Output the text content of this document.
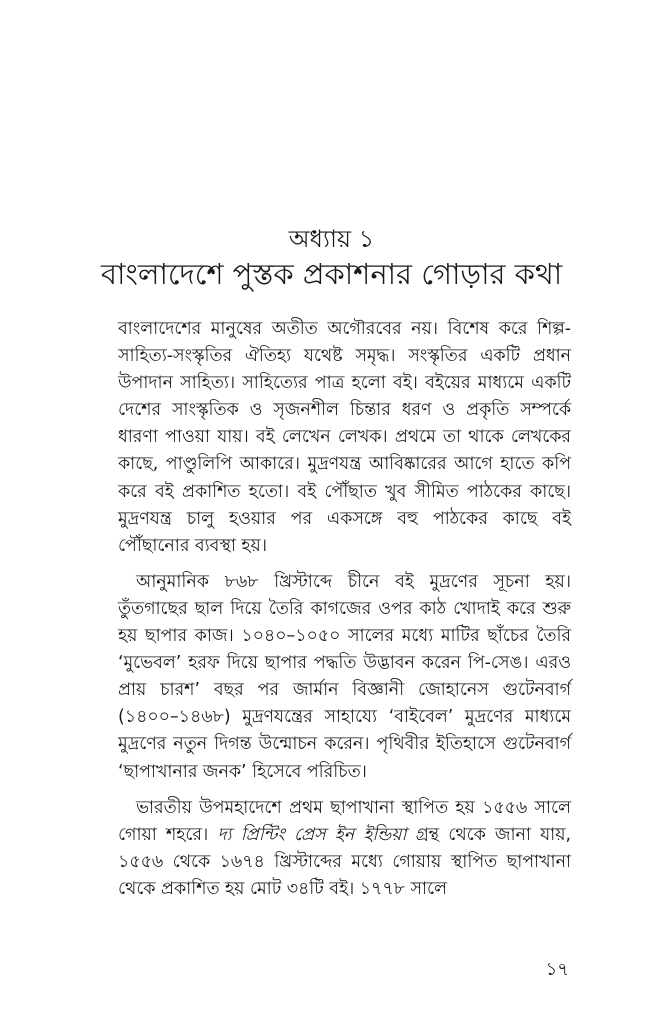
অধ্যায় ১
বাংলাদেশে পুস্তক প্রকাশনার গোড়ার কথা

বাংলাদেশের মানুষের অতীত অগৌরবের নয়। বিশেষ করে শিল্প-সাহিত্য-সংস্কৃতির ঐতিহ্য যথেষ্ট সমৃদ্ধ। সংস্কৃতির একটি প্রধান উপাদান সাহিত্য। সাহিত্যের পাত্র হলো বই। বইয়ের মাধ্যমে একটি দেশের সাংস্কৃতিক ও সৃজনশীল চিন্তার ধরণ ও প্রকৃতি সম্পর্কে ধারণা পাওয়া যায়। বই লেখেন লেখক। প্রথমে তা থাকে লেখকের কাছে, পাণ্ডুলিপি আকারে। মুদ্রণযন্ত্র আবিষ্কারের আগে হাতে কপি করে বই প্রকাশিত হতো। বই পৌঁছাত খুব সীমিত পাঠকের কাছে। মুদ্রণযন্ত্র চালু হওয়ার পর একসঙ্গে বহু পাঠকের কাছে বই পৌঁছানোর ব্যবস্থা হয়।

আনুমানিক ৮৬৮ খ্রিস্টাব্দে চীনে বই মুদ্রণের সূচনা হয়। তুঁতগাছের ছাল দিয়ে তৈরি কাগজের ওপর কাঠ খোদাই করে শুরু হয় ছাপার কাজ। ১০৪০–১০৫০ সালের মধ্যে মাটির ছাঁচের তৈরি ‘মুভেবল’ হরফ দিয়ে ছাপার পদ্ধতি উদ্ভাবন করেন পি-সেঙ। এরও প্রায় চারশ’ বছর পর জার্মান বিজ্ঞানী জোহানেস গুটেনবার্গ (১৪০০–১৪৬৮) মুদ্রণযন্ত্রের সাহায্যে ‘বাইবেল’ মুদ্রণের মাধ্যমে মুদ্রণের নতুন দিগন্ত উন্মোচন করেন। পৃথিবীর ইতিহাসে গুটেনবার্গ ‘ছাপাখানার জনক’ হিসেবে পরিচিত।

ভারতীয় উপমহাদেশে প্রথম ছাপাখানা স্থাপিত হয় ১৫৫৬ সালে গোয়া শহরে। দ্য প্রিন্টিং প্রেস ইন ইন্ডিয়া গ্রন্থ থেকে জানা যায়, ১৫৫৬ থেকে ১৬৭৪ খ্রিস্টাব্দের মধ্যে গোয়ায় স্থাপিত ছাপাখানা থেকে প্রকাশিত হয় মোট ৩৪টি বই। ১৭৭৮ সালে

১৭
